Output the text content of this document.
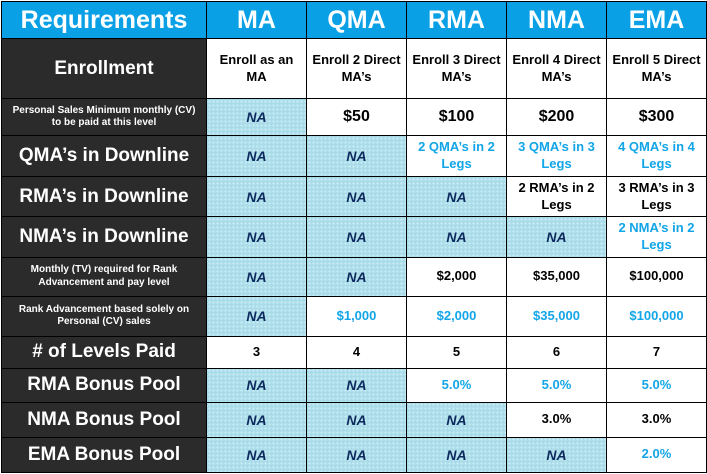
Requirements	MA	QMA	RMA	NMA	EMA
Enrollment	Enroll as an MA	Enroll 2 Direct MA’s	Enroll 3 Direct MA’s	Enroll 4 Direct MA’s	Enroll 5 Direct MA’s
Personal Sales Minimum monthly (CV) to be paid at this level	NA	$50	$100	$200	$300
QMA’s in Downline	NA	NA	2 QMA’s in 2 Legs	3 QMA’s in 3 Legs	4 QMA’s in 4 Legs
RMA’s in Downline	NA	NA	NA	2 RMA’s in 2 Legs	3 RMA’s in 3 Legs
NMA’s in Downline	NA	NA	NA	NA	2 NMA’s in 2 Legs
Monthly (TV) required for Rank Advancement and pay level	NA	NA	$2,000	$35,000	$100,000
Rank Advancement based solely on Personal (CV) sales	NA	$1,000	$2,000	$35,000	$100,000
# of Levels Paid	3	4	5	6	7
RMA Bonus Pool	NA	NA	5.0%	5.0%	5.0%
NMA Bonus Pool	NA	NA	NA	3.0%	3.0%
EMA Bonus Pool	NA	NA	NA	NA	2.0%
